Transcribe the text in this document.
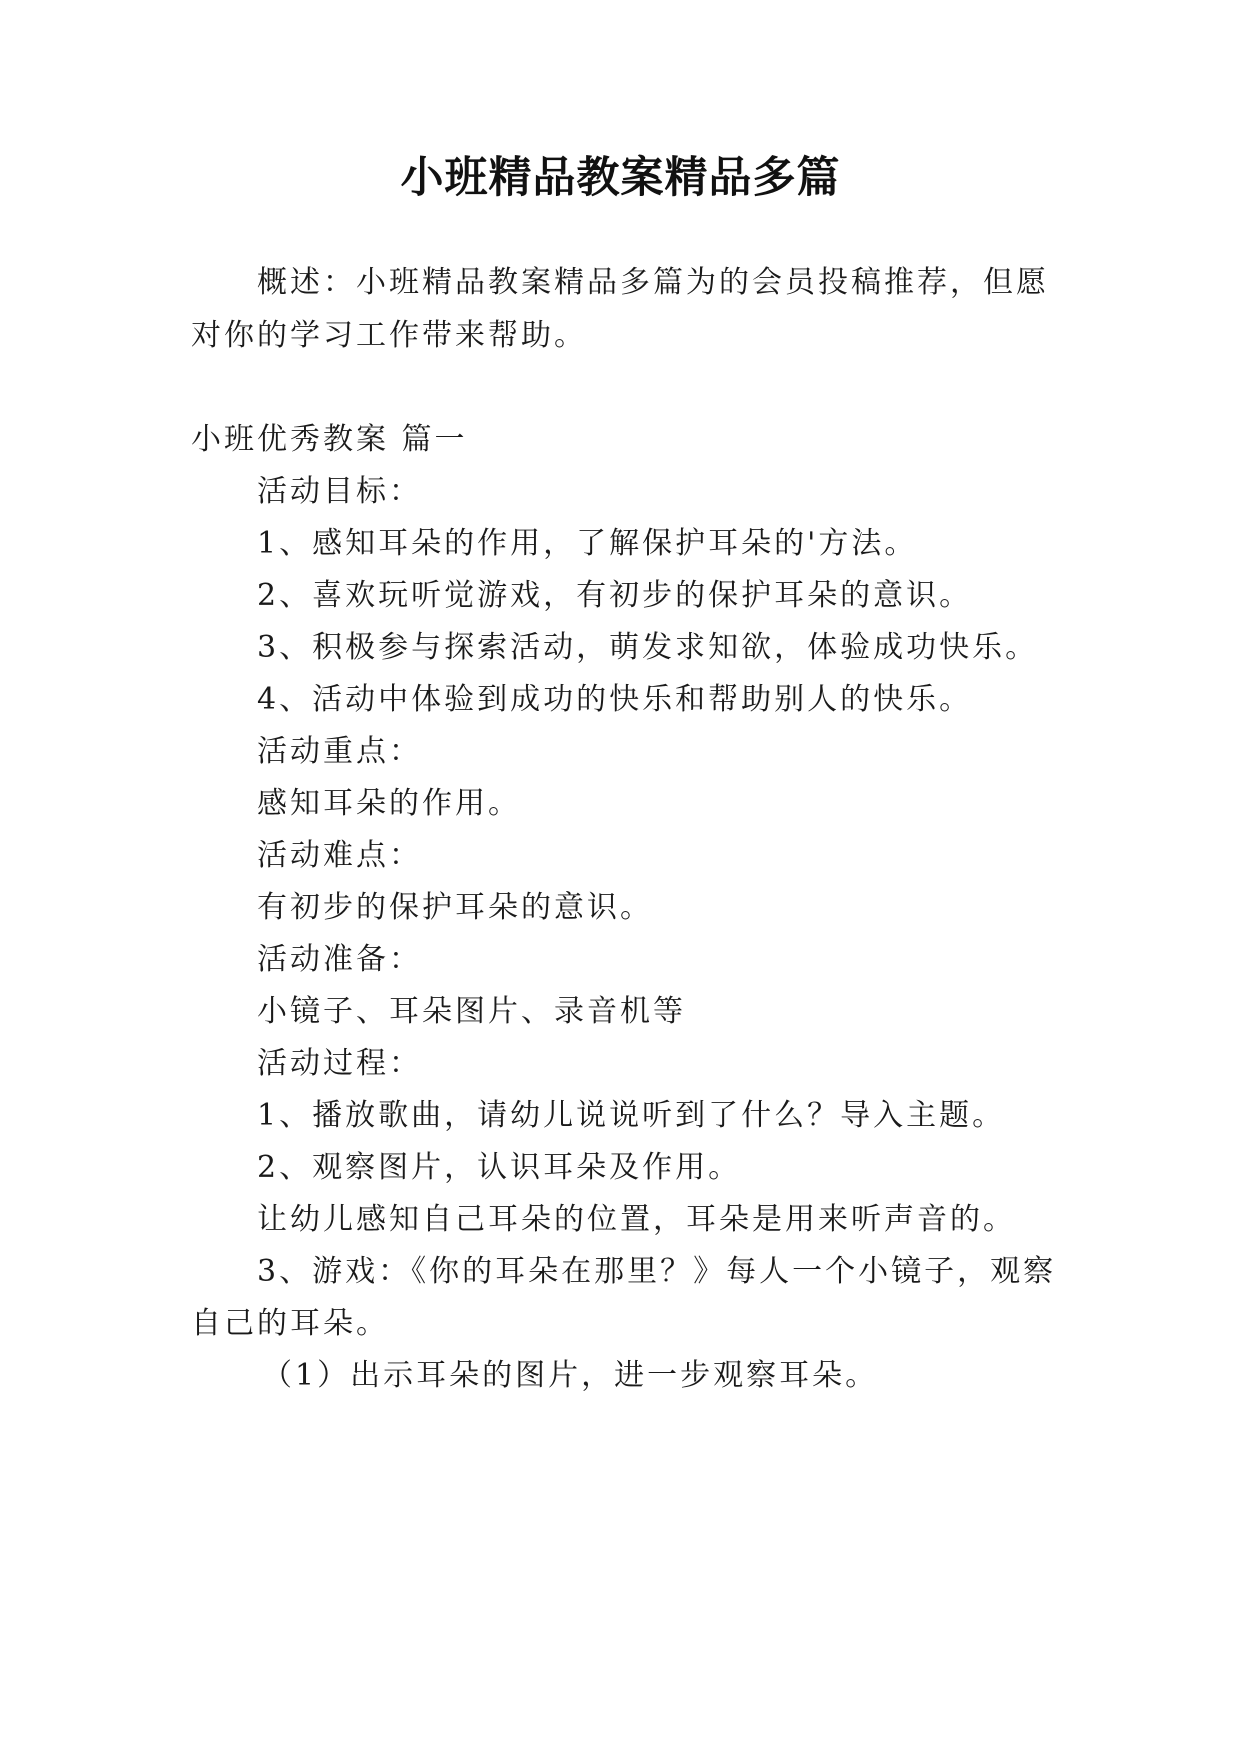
小班精品教案精品多篇
概述：小班精品教案精品多篇为的会员投稿推荐，但愿
对你的学习工作带来帮助。
小班优秀教案 篇一
活动目标：
1、感知耳朵的作用，了解保护耳朵的'方法。
2、喜欢玩听觉游戏，有初步的保护耳朵的意识。
3、积极参与探索活动，萌发求知欲，体验成功快乐。
4、活动中体验到成功的快乐和帮助别人的快乐。
活动重点：
感知耳朵的作用。
活动难点：
有初步的保护耳朵的意识。
活动准备：
小镜子、耳朵图片、录音机等
活动过程：
1、播放歌曲，请幼儿说说听到了什么？导入主题。
2、观察图片，认识耳朵及作用。
让幼儿感知自己耳朵的位置，耳朵是用来听声音的。
3、游戏：《你的耳朵在那里？》每人一个小镜子，观察
自己的耳朵。
（1）出示耳朵的图片，进一步观察耳朵。
